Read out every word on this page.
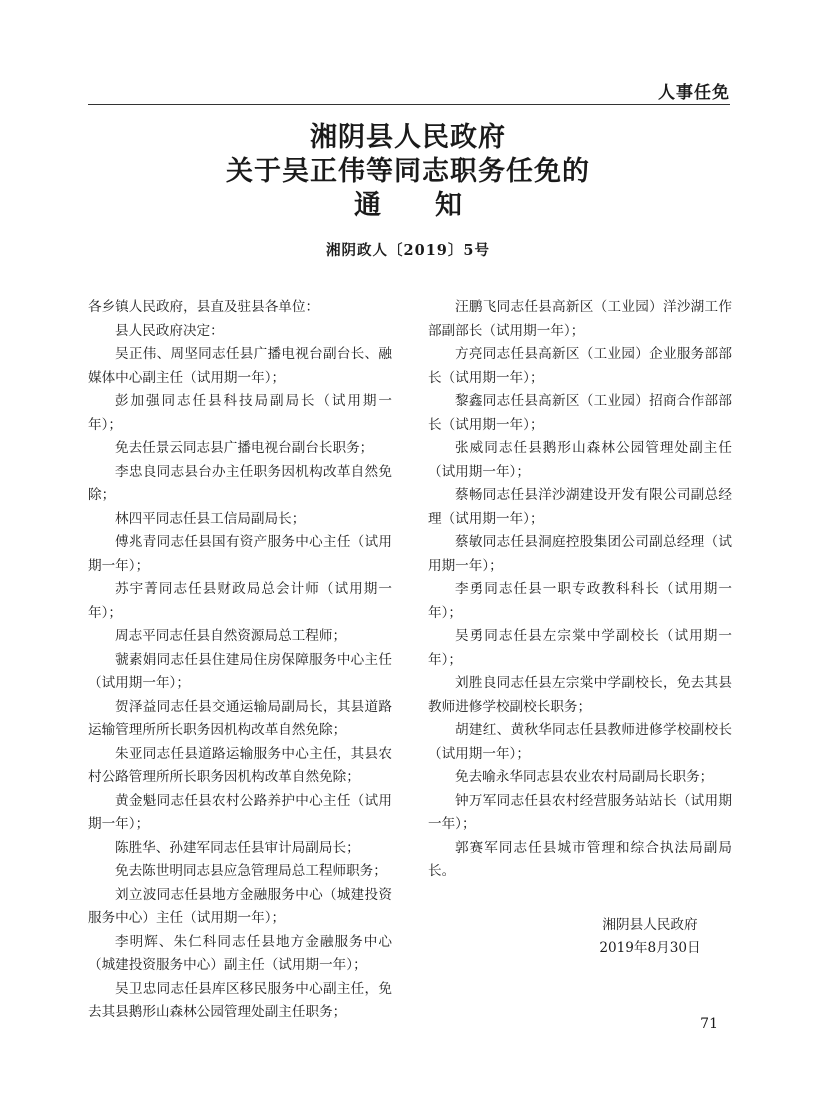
人事任免
湘阴县人民政府
关于吴正伟等同志职务任免的
通 知
湘阴政人〔2019〕5号

各乡镇人民政府，县直及驻县各单位：

县人民政府决定：

吴正伟、周坚同志任县广播电视台副台长、融媒体中心副主任（试用期一年）；

彭加强同志任县科技局副局长（试用期一年）；

免去任景云同志县广播电视台副台长职务；

李忠良同志县台办主任职务因机构改革自然免除；

林四平同志任县工信局副局长；

傅兆青同志任县国有资产服务中心主任（试用期一年）；

苏宇菁同志任县财政局总会计师（试用期一年）；

周志平同志任县自然资源局总工程师；

虢素娟同志任县住建局住房保障服务中心主任（试用期一年）；

贺泽益同志任县交通运输局副局长，其县道路运输管理所所长职务因机构改革自然免除；

朱亚同志任县道路运输服务中心主任，其县农村公路管理所所长职务因机构改革自然免除；

黄金魁同志任县农村公路养护中心主任（试用期一年）；

陈胜华、孙建军同志任县审计局副局长；

免去陈世明同志县应急管理局总工程师职务；

刘立波同志任县地方金融服务中心（城建投资服务中心）主任（试用期一年）；

李明辉、朱仁科同志任县地方金融服务中心（城建投资服务中心）副主任（试用期一年）；

吴卫忠同志任县库区移民服务中心副主任，免去其县鹅形山森林公园管理处副主任职务；

汪鹏飞同志任县高新区（工业园）洋沙湖工作部副部长（试用期一年）；

方亮同志任县高新区（工业园）企业服务部部长（试用期一年）；

黎鑫同志任县高新区（工业园）招商合作部部长（试用期一年）；

张威同志任县鹅形山森林公园管理处副主任（试用期一年）；

蔡畅同志任县洋沙湖建设开发有限公司副总经理（试用期一年）；

蔡敏同志任县洞庭控股集团公司副总经理（试用期一年）；

李勇同志任县一职专政教科科长（试用期一年）；

吴勇同志任县左宗棠中学副校长（试用期一年）；

刘胜良同志任县左宗棠中学副校长，免去其县教师进修学校副校长职务；

胡建红、黄秋华同志任县教师进修学校副校长（试用期一年）；

免去喻永华同志县农业农村局副局长职务；

钟万军同志任县农村经营服务站站长（试用期一年）；

郭赛军同志任县城市管理和综合执法局副局长。

湘阴县人民政府
2019年8月30日
71
